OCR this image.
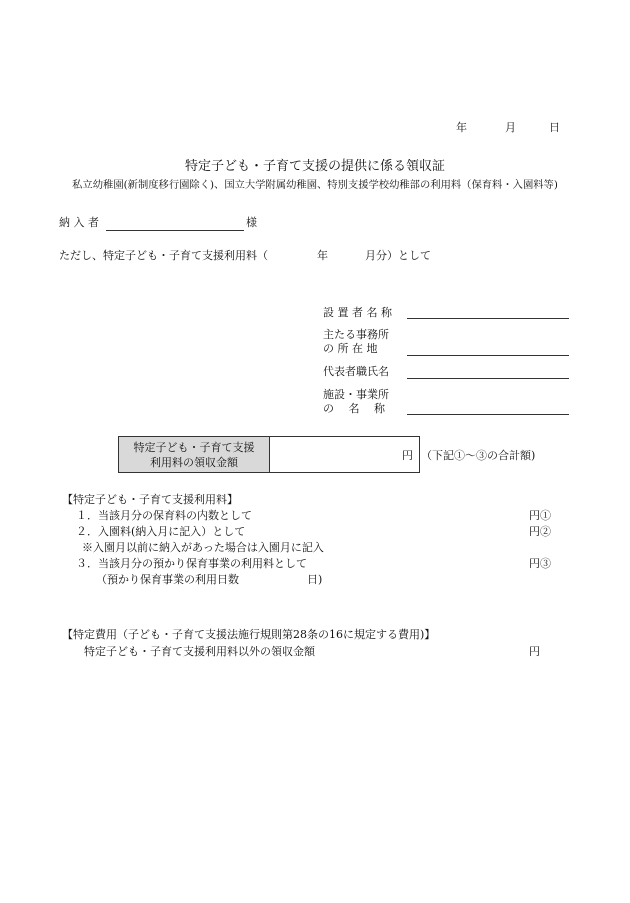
年	月	日
特定子ども・子育て支援の提供に係る領収証
私立幼稚園(新制度移行園除く)、国立大学附属幼稚園、特別支援学校幼稚部の利用料（保育料・入園料等)
納 入 者	様
ただし、特定子ども・子育て支援利用料（	年	月分）として
設 置 者 名 称
主たる事務所
の 所 在 地
代表者職氏名
施設・事業所
の 　名 　称
特定子ども・子育て支援
利用料の領収金額
円 （下記①～③の合計額)
【特定子ども・子育て支援利用料】
１．当該月分の保育料の内数として	円①
２．入園料(納入月に記入）として	円②
※入園月以前に納入があった場合は入園月に記入
３．当該月分の預かり保育事業の利用料として	円③
（預かり保育事業の利用日数	日)
【特定費用（子ども・子育て支援法施行規則第28条の16に規定する費用)】
特定子ども・子育て支援利用料以外の領収金額	円
